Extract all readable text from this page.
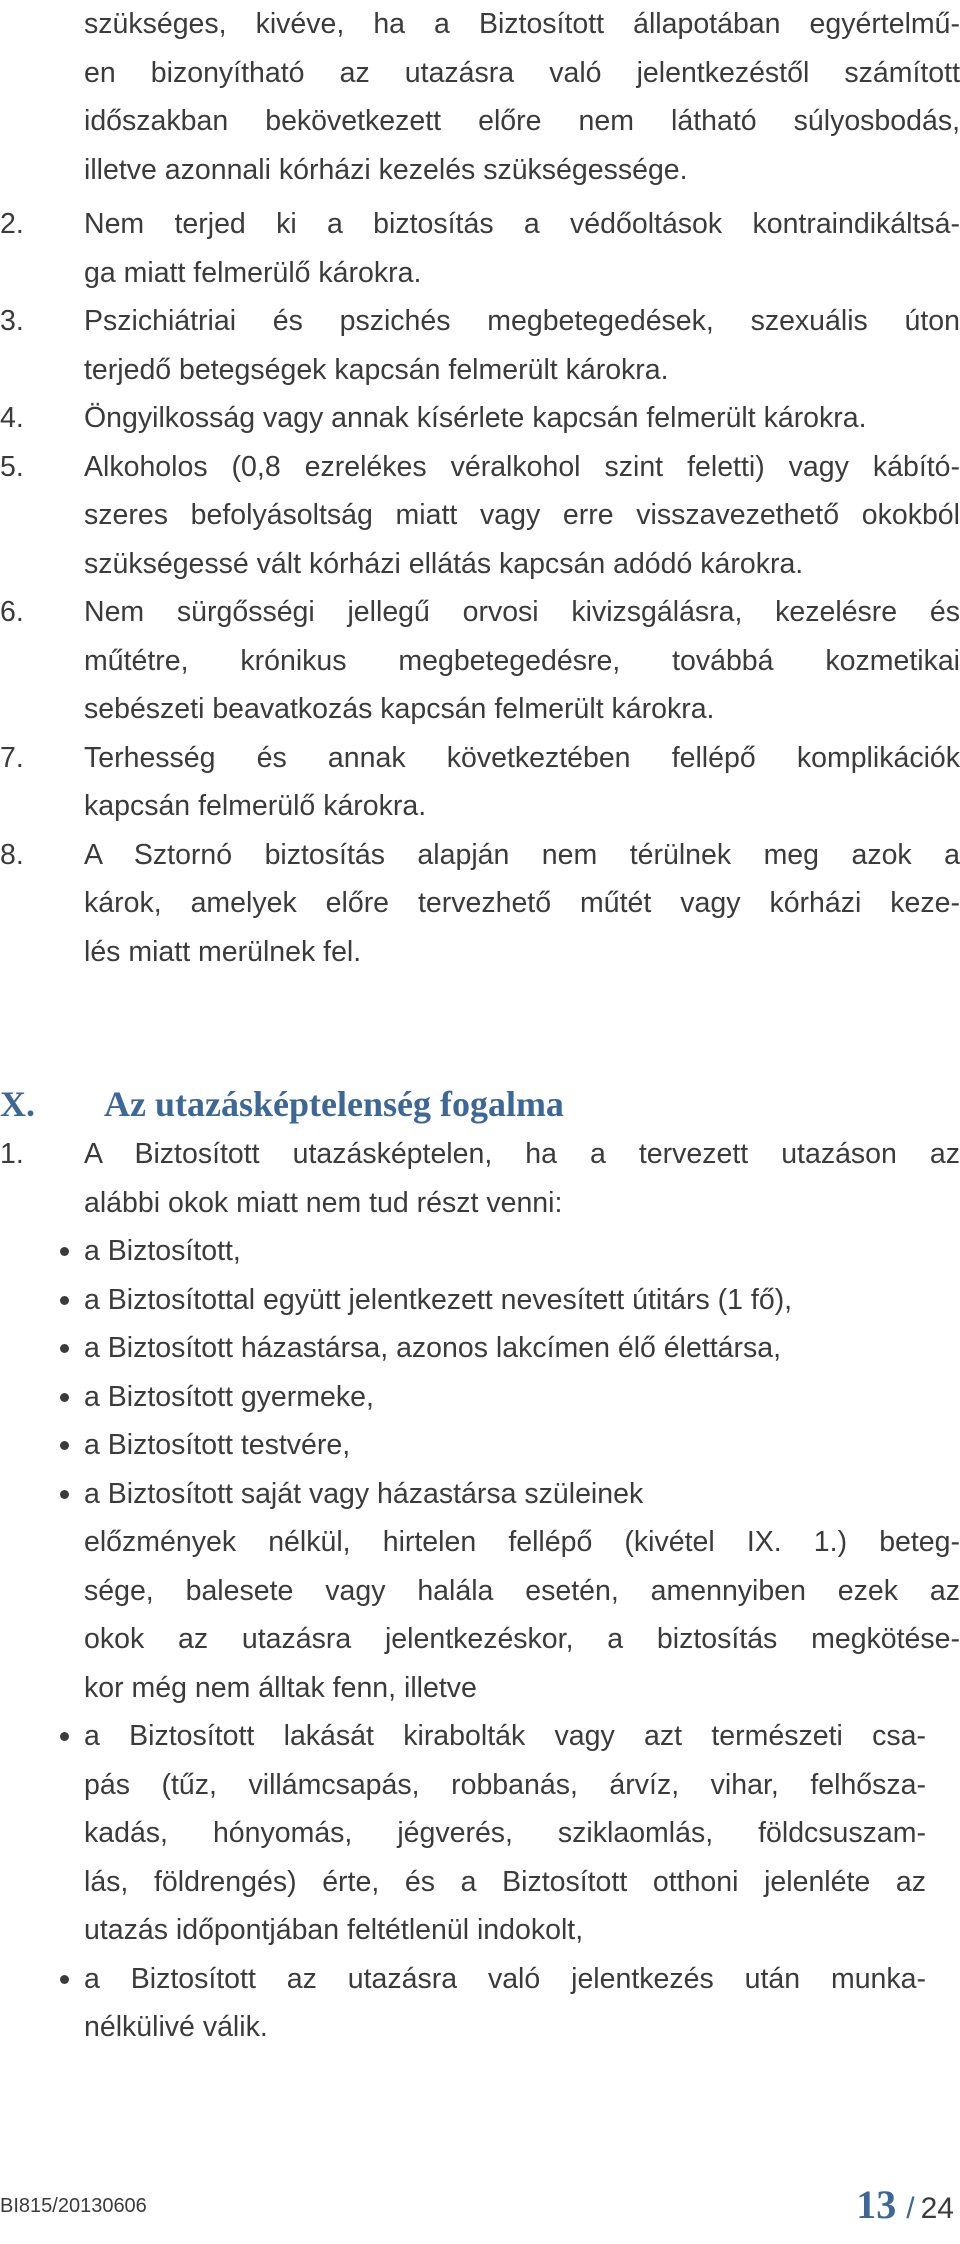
szükséges, kivéve, ha a Biztosított állapotában egyértelmű-
en bizonyítható az utazásra való jelentkezéstől számított
időszakban bekövetkezett előre nem látható súlyosbodás,
illetve azonnali kórházi kezelés szükségessége.

2. Nem terjed ki a biztosítás a védőoltások kontraindikáltsá-
ga miatt felmerülő károkra.
3. Pszichiátriai és pszichés megbetegedések, szexuális úton
terjedő betegségek kapcsán felmerült károkra.
4. Öngyilkosság vagy annak kísérlete kapcsán felmerült károkra.
5. Alkoholos (0,8 ezrelékes véralkohol szint feletti) vagy kábító-
szeres befolyásoltság miatt vagy erre visszavezethető okokból
szükségessé vált kórházi ellátás kapcsán adódó károkra.
6. Nem sürgősségi jellegű orvosi kivizsgálásra, kezelésre és
műtétre, krónikus megbetegedésre, továbbá kozmetikai
sebészeti beavatkozás kapcsán felmerült károkra.
7. Terhesség és annak következtében fellépő komplikációk
kapcsán felmerülő károkra.
8. A Sztornó biztosítás alapján nem térülnek meg azok a
károk, amelyek előre tervezhető műtét vagy kórházi keze-
lés miatt merülnek fel.
X. Az utazásképtelenség fogalma
1. A Biztosított utazásképtelen, ha a tervezett utazáson az
alábbi okok miatt nem tud részt venni:
a Biztosított,
a Biztosítottal együtt jelentkezett nevesített útitárs (1 fő),
a Biztosított házastársa, azonos lakcímen élő élettársa,
a Biztosított gyermeke,
a Biztosított testvére,
a Biztosított saját vagy házastársa szüleinek
előzmények nélkül, hirtelen fellépő (kivétel IX. 1.) beteg-
sége, balesete vagy halála esetén, amennyiben ezek az
okok az utazásra jelentkezéskor, a biztosítás megkötése-
kor még nem álltak fenn, illetve
a Biztosított lakását kirabolták vagy azt természeti csa-
pás (tűz, villámcsapás, robbanás, árvíz, vihar, felhősza-
kadás, hónyomás, jégverés, sziklaomlás, földcsuszam-
lás, földrengés) érte, és a Biztosított otthoni jelenléte az
utazás időpontjában feltétlenül indokolt,
a Biztosított az utazásra való jelentkezés után munka-
nélkülivé válik.
BI815/20130606	13 / 24
